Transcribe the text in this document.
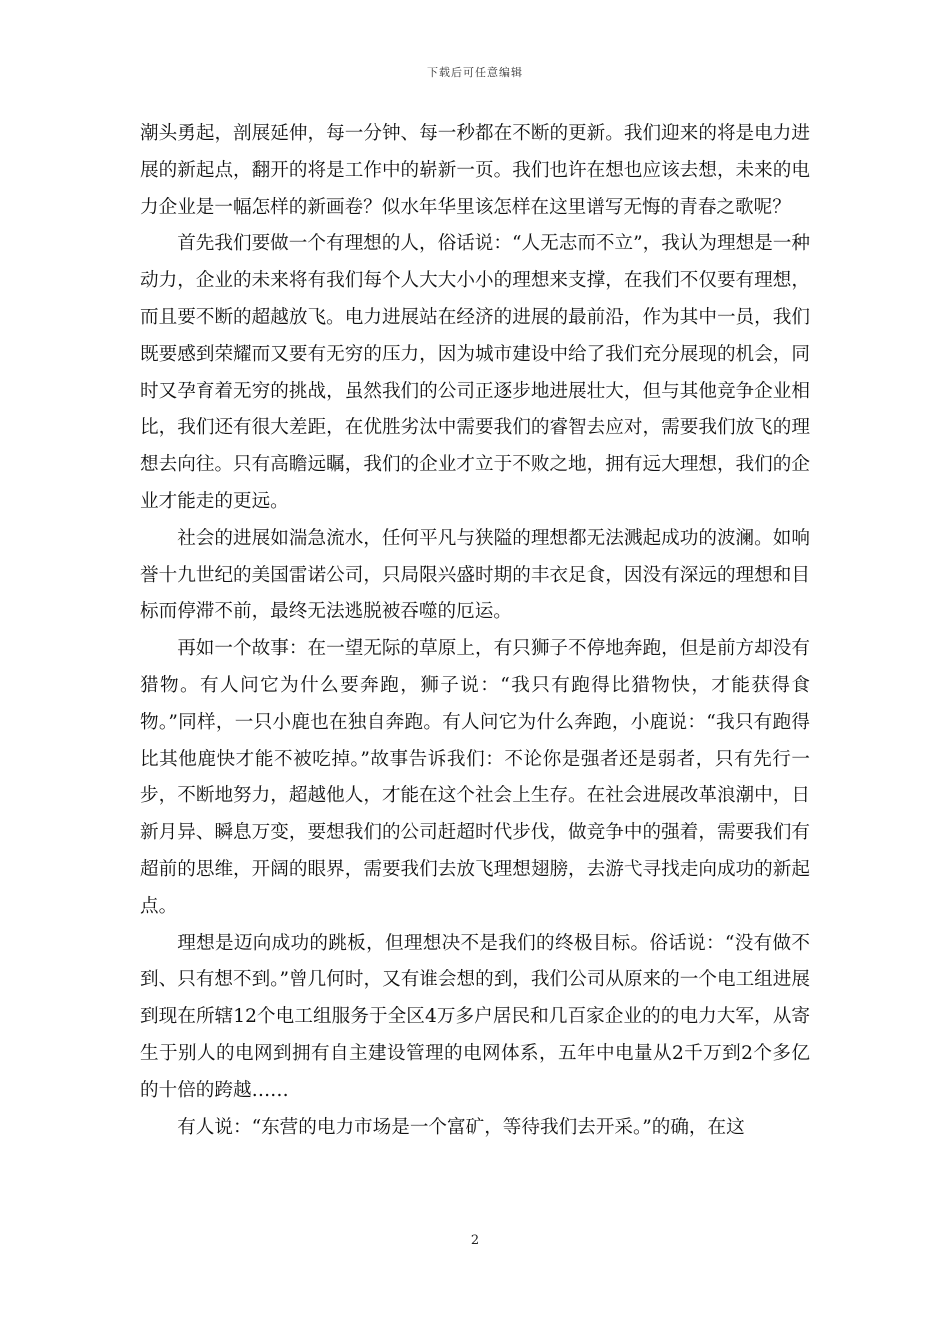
下载后可任意编辑

潮头勇起，剖展延伸，每一分钟、每一秒都在不断的更新。我们迎来的将是电力进展的新起点，翻开的将是工作中的崭新一页。我们也许在想也应该去想，未来的电力企业是一幅怎样的新画卷？似水年华里该怎样在这里谱写无悔的青春之歌呢？

首先我们要做一个有理想的人，俗话说：“人无志而不立”，我认为理想是一种动力，企业的未来将有我们每个人大大小小的理想来支撑，在我们不仅要有理想，而且要不断的超越放飞。电力进展站在经济的进展的最前沿，作为其中一员，我们既要感到荣耀而又要有无穷的压力，因为城市建设中给了我们充分展现的机会，同时又孕育着无穷的挑战，虽然我们的公司正逐步地进展壮大，但与其他竞争企业相比，我们还有很大差距，在优胜劣汰中需要我们的睿智去应对，需要我们放飞的理想去向往。只有高瞻远瞩，我们的企业才立于不败之地，拥有远大理想，我们的企业才能走的更远。

社会的进展如湍急流水，任何平凡与狭隘的理想都无法溅起成功的波澜。如响誉十九世纪的美国雷诺公司，只局限兴盛时期的丰衣足食，因没有深远的理想和目标而停滞不前，最终无法逃脱被吞噬的厄运。

再如一个故事：在一望无际的草原上，有只狮子不停地奔跑，但是前方却没有猎物。有人问它为什么要奔跑，狮子说：“我只有跑得比猎物快，才能获得食物。”同样，一只小鹿也在独自奔跑。有人问它为什么奔跑，小鹿说：“我只有跑得比其他鹿快才能不被吃掉。”故事告诉我们：不论你是强者还是弱者，只有先行一步，不断地努力，超越他人，才能在这个社会上生存。在社会进展改革浪潮中，日新月异、瞬息万变，要想我们的公司赶超时代步伐，做竞争中的强着，需要我们有超前的思维，开阔的眼界，需要我们去放飞理想翅膀，去游弋寻找走向成功的新起点。

理想是迈向成功的跳板，但理想决不是我们的终极目标。俗话说：“没有做不到、只有想不到。”曾几何时，又有谁会想的到，我们公司从原来的一个电工组进展到现在所辖12个电工组服务于全区4万多户居民和几百家企业的的电力大军，从寄生于别人的电网到拥有自主建设管理的电网体系，五年中电量从2千万到2个多亿的十倍的跨越……

有人说：“东营的电力市场是一个富矿，等待我们去开采。”的确，在这

2
